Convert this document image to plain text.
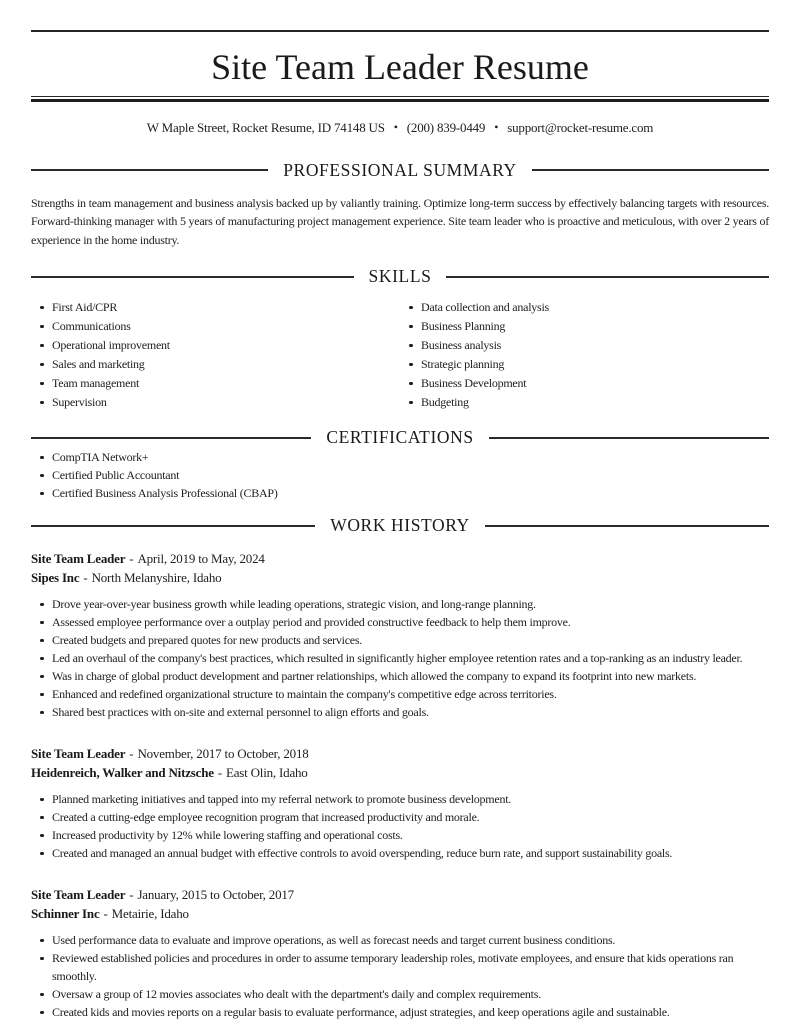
Site Team Leader Resume
W Maple Street, Rocket Resume, ID 74148 US • (200) 839-0449 • support@rocket-resume.com
PROFESSIONAL SUMMARY

Strengths in team management and business analysis backed up by valiantly training. Optimize long-term success by effectively balancing targets with resources. Forward-thinking manager with 5 years of manufacturing project management experience. Site team leader who is proactive and meticulous, with over 2 years of experience in the home industry.

SKILLS
First Aid/CPR
Communications
Operational improvement
Sales and marketing
Team management
Supervision
Data collection and analysis
Business Planning
Business analysis
Strategic planning
Business Development
Budgeting
CERTIFICATIONS
CompTIA Network+
Certified Public Accountant
Certified Business Analysis Professional (CBAP)
WORK HISTORY
Site Team Leader - April, 2019 to May, 2024
Sipes Inc - North Melanyshire, Idaho
Drove year-over-year business growth while leading operations, strategic vision, and long-range planning.
Assessed employee performance over a outplay period and provided constructive feedback to help them improve.
Created budgets and prepared quotes for new products and services.
Led an overhaul of the company's best practices, which resulted in significantly higher employee retention rates and a top-ranking as an industry leader.
Was in charge of global product development and partner relationships, which allowed the company to expand its footprint into new markets.
Enhanced and redefined organizational structure to maintain the company's competitive edge across territories.
Shared best practices with on-site and external personnel to align efforts and goals.
Site Team Leader - November, 2017 to October, 2018
Heidenreich, Walker and Nitzsche - East Olin, Idaho
Planned marketing initiatives and tapped into my referral network to promote business development.
Created a cutting-edge employee recognition program that increased productivity and morale.
Increased productivity by 12% while lowering staffing and operational costs.
Created and managed an annual budget with effective controls to avoid overspending, reduce burn rate, and support sustainability goals.
Site Team Leader - January, 2015 to October, 2017
Schinner Inc - Metairie, Idaho
Used performance data to evaluate and improve operations, as well as forecast needs and target current business conditions.
Reviewed established policies and procedures in order to assume temporary leadership roles, motivate employees, and ensure that kids operations ran smoothly.
Oversaw a group of 12 movies associates who dealt with the department's daily and complex requirements.
Created kids and movies reports on a regular basis to evaluate performance, adjust strategies, and keep operations agile and sustainable.
